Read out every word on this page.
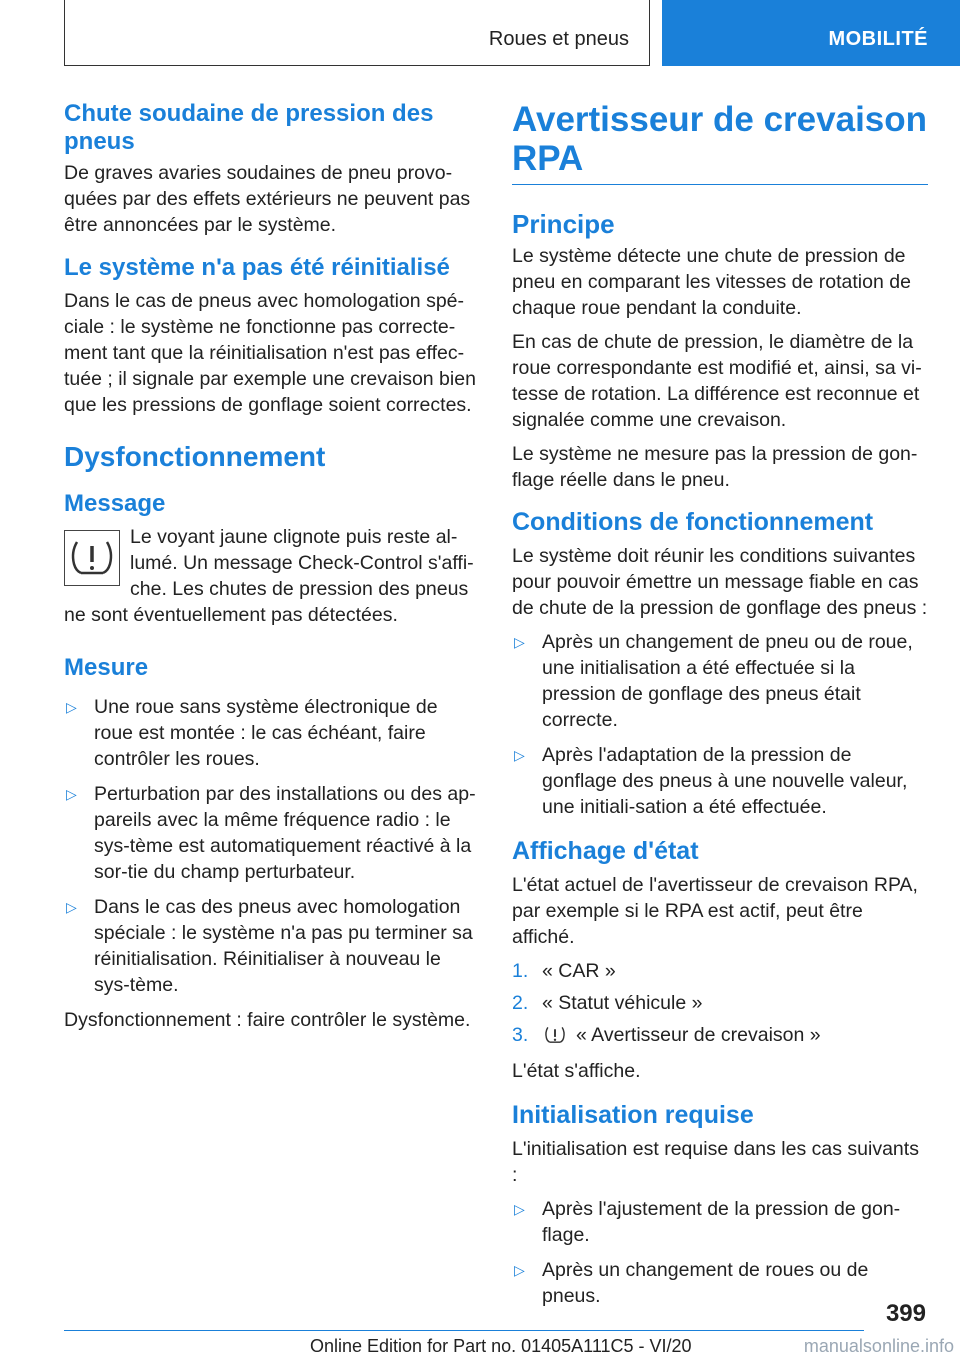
Roues et pneus	MOBILITÉ
Chute soudaine de pression des pneus

De graves avaries soudaines de pneu provo-quées par des effets extérieurs ne peuvent pas être annoncées par le système.

Le système n'a pas été réinitialisé

Dans le cas de pneus avec homologation spé-ciale : le système ne fonctionne pas correcte-ment tant que la réinitialisation n'est pas effec-tuée ; il signale par exemple une crevaison bien que les pressions de gonflage soient correctes.

Dysfonctionnement
Message

Le voyant jaune clignote puis reste al-lumé. Un message Check-Control s'affi-che. Les chutes de pression des pneus ne sont éventuellement pas détectées.

Mesure
▷ Une roue sans système électronique de roue est montée : le cas échéant, faire contrôler les roues.
▷ Perturbation par des installations ou des ap-pareils avec la même fréquence radio : le sys-tème est automatiquement réactivé à la sor-tie du champ perturbateur.
▷ Dans le cas des pneus avec homologation spéciale : le système n'a pas pu terminer sa réinitialisation. Réinitialiser à nouveau le sys-tème.

Dysfonctionnement : faire contrôler le système.

Avertisseur de crevaison RPA
Principe

Le système détecte une chute de pression de pneu en comparant les vitesses de rotation de chaque roue pendant la conduite.

En cas de chute de pression, le diamètre de la roue correspondante est modifié et, ainsi, sa vi-tesse de rotation. La différence est reconnue et signalée comme une crevaison.

Le système ne mesure pas la pression de gon-flage réelle dans le pneu.

Conditions de fonctionnement

Le système doit réunir les conditions suivantes pour pouvoir émettre un message fiable en cas de chute de la pression de gonflage des pneus :

▷ Après un changement de pneu ou de roue, une initialisation a été effectuée si la pression de gonflage des pneus était correcte.
▷ Après l'adaptation de la pression de gonflage des pneus à une nouvelle valeur, une initiali-sation a été effectuée.
Affichage d'état

L'état actuel de l'avertisseur de crevaison RPA, par exemple si le RPA est actif, peut être affiché.

1. « CAR »
2. « Statut véhicule »
3. « Avertisseur de crevaison »

L'état s'affiche.

Initialisation requise

L'initialisation est requise dans les cas suivants :

▷ Après l'ajustement de la pression de gon-flage.
▷ Après un changement de roues ou de pneus.
399
Online Edition for Part no. 01405A111C5 - VI/20	manualsonline.info
